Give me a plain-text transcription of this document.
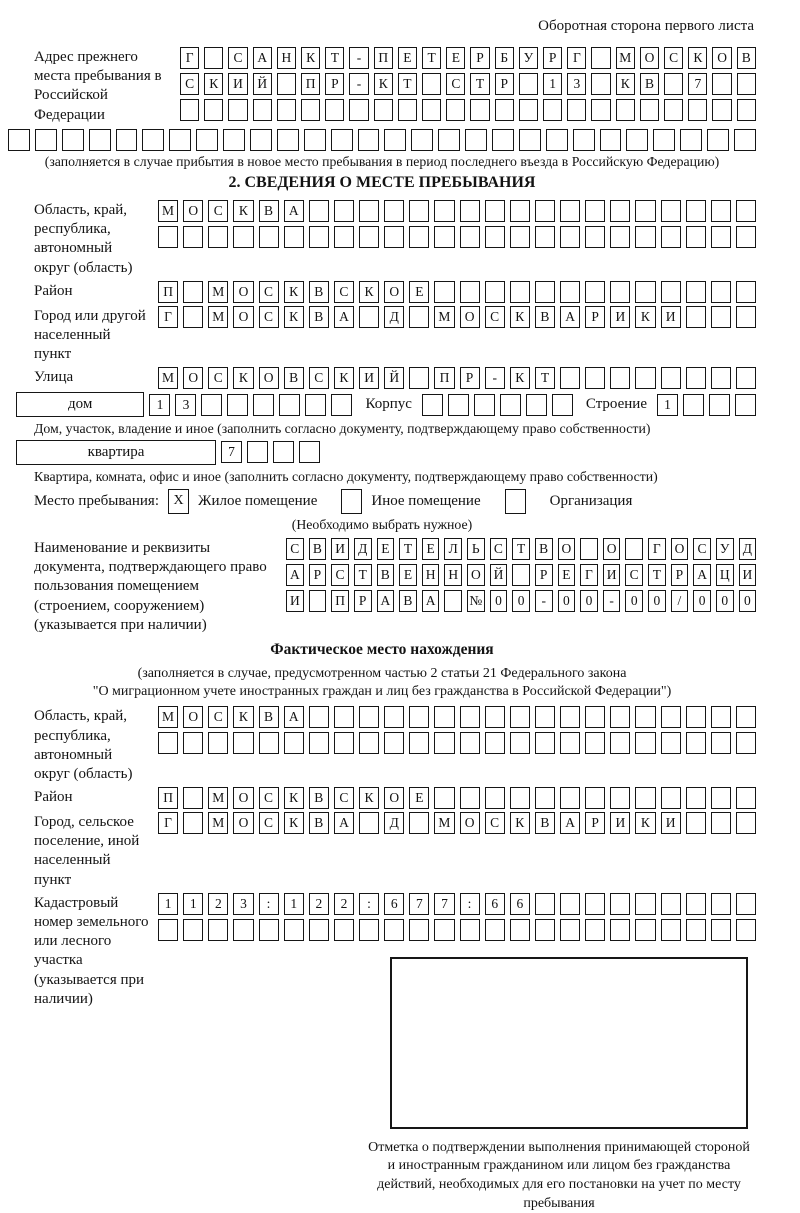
Оборотная сторона первого листа
Адрес прежнего места пребывания в Российской Федерации
Г	С	А	Н	К	Т	-	П	Е	Т	Е	Р	Б	У	Р	Г	М О	С	К	О	В
С	К	И	Й	П	Р	-	К	Т	С	Т	Р	1	3	К	В	7
(заполняется в случае прибытия в новое место пребывания в период последнего въезда в Российскую Федерацию)
2. СВЕДЕНИЯ О МЕСТЕ ПРЕБЫВАНИЯ
Область, край, республика, автономный округ (область)
М	О	С	К	В	А
Район	П	М	О	С	К	В	С	К	О	Е
Город или другой населенный пункт
Г	М	О	С	К	В	А	Д	М	О	С	К	В	А	Р	И	К	И
Улица	М	О	С	К	О	В	С	К	И	Й	П	Р	-	К	Т
дом	1	3	Корпус	Строение	1
Дом, участок, владение и иное (заполнить согласно документу, подтверждающему право собственности)
квартира	7
Квартира, комната, офис и иное (заполнить согласно документу, подтверждающему право собственности)
Место пребывания:	X Жилое помещение	Иное помещение	Организация
(Необходимо выбрать нужное)
Наименование и реквизиты документа, подтверждающего право пользования помещением (строением, сооружением) (указывается при наличии)
С	В И Д	Е	Т	Е	Л	Ь	С	Т	В О	О	Г	О С У Д
А	Р	С	Т	В	Е	Н Н О Й	Р	Е	Г	И С	Т	Р	А Ц И
И	П	Р	А В А	№ 0	0	-	0	0	-	0	0	/	0	0	0
Фактическое место нахождения
(заполняется в случае, предусмотренном частью 2 статьи 21 Федерального закона
"О миграционном учете иностранных граждан и лиц без гражданства в Российской Федерации")
Область, край, республика, автономный округ (область)
М	О	С	К	В	А
Район	П	М	О	С	К	В	С	К	О	Е
Город, сельское поселение, иной населенный пункт
Г	М	О	С	К	В	А	Д	М	О	С	К	В	А	Р	И	К	И
Кадастровый номер земельного или лесного участка (указывается при наличии)
1	1	2	3	:	1	2	2	:	6	7	7	:	6	6
Отметка о подтверждении выполнения принимающей стороной и иностранным гражданином или лицом без гражданства действий, необходимых для его постановки на учет по месту пребывания
